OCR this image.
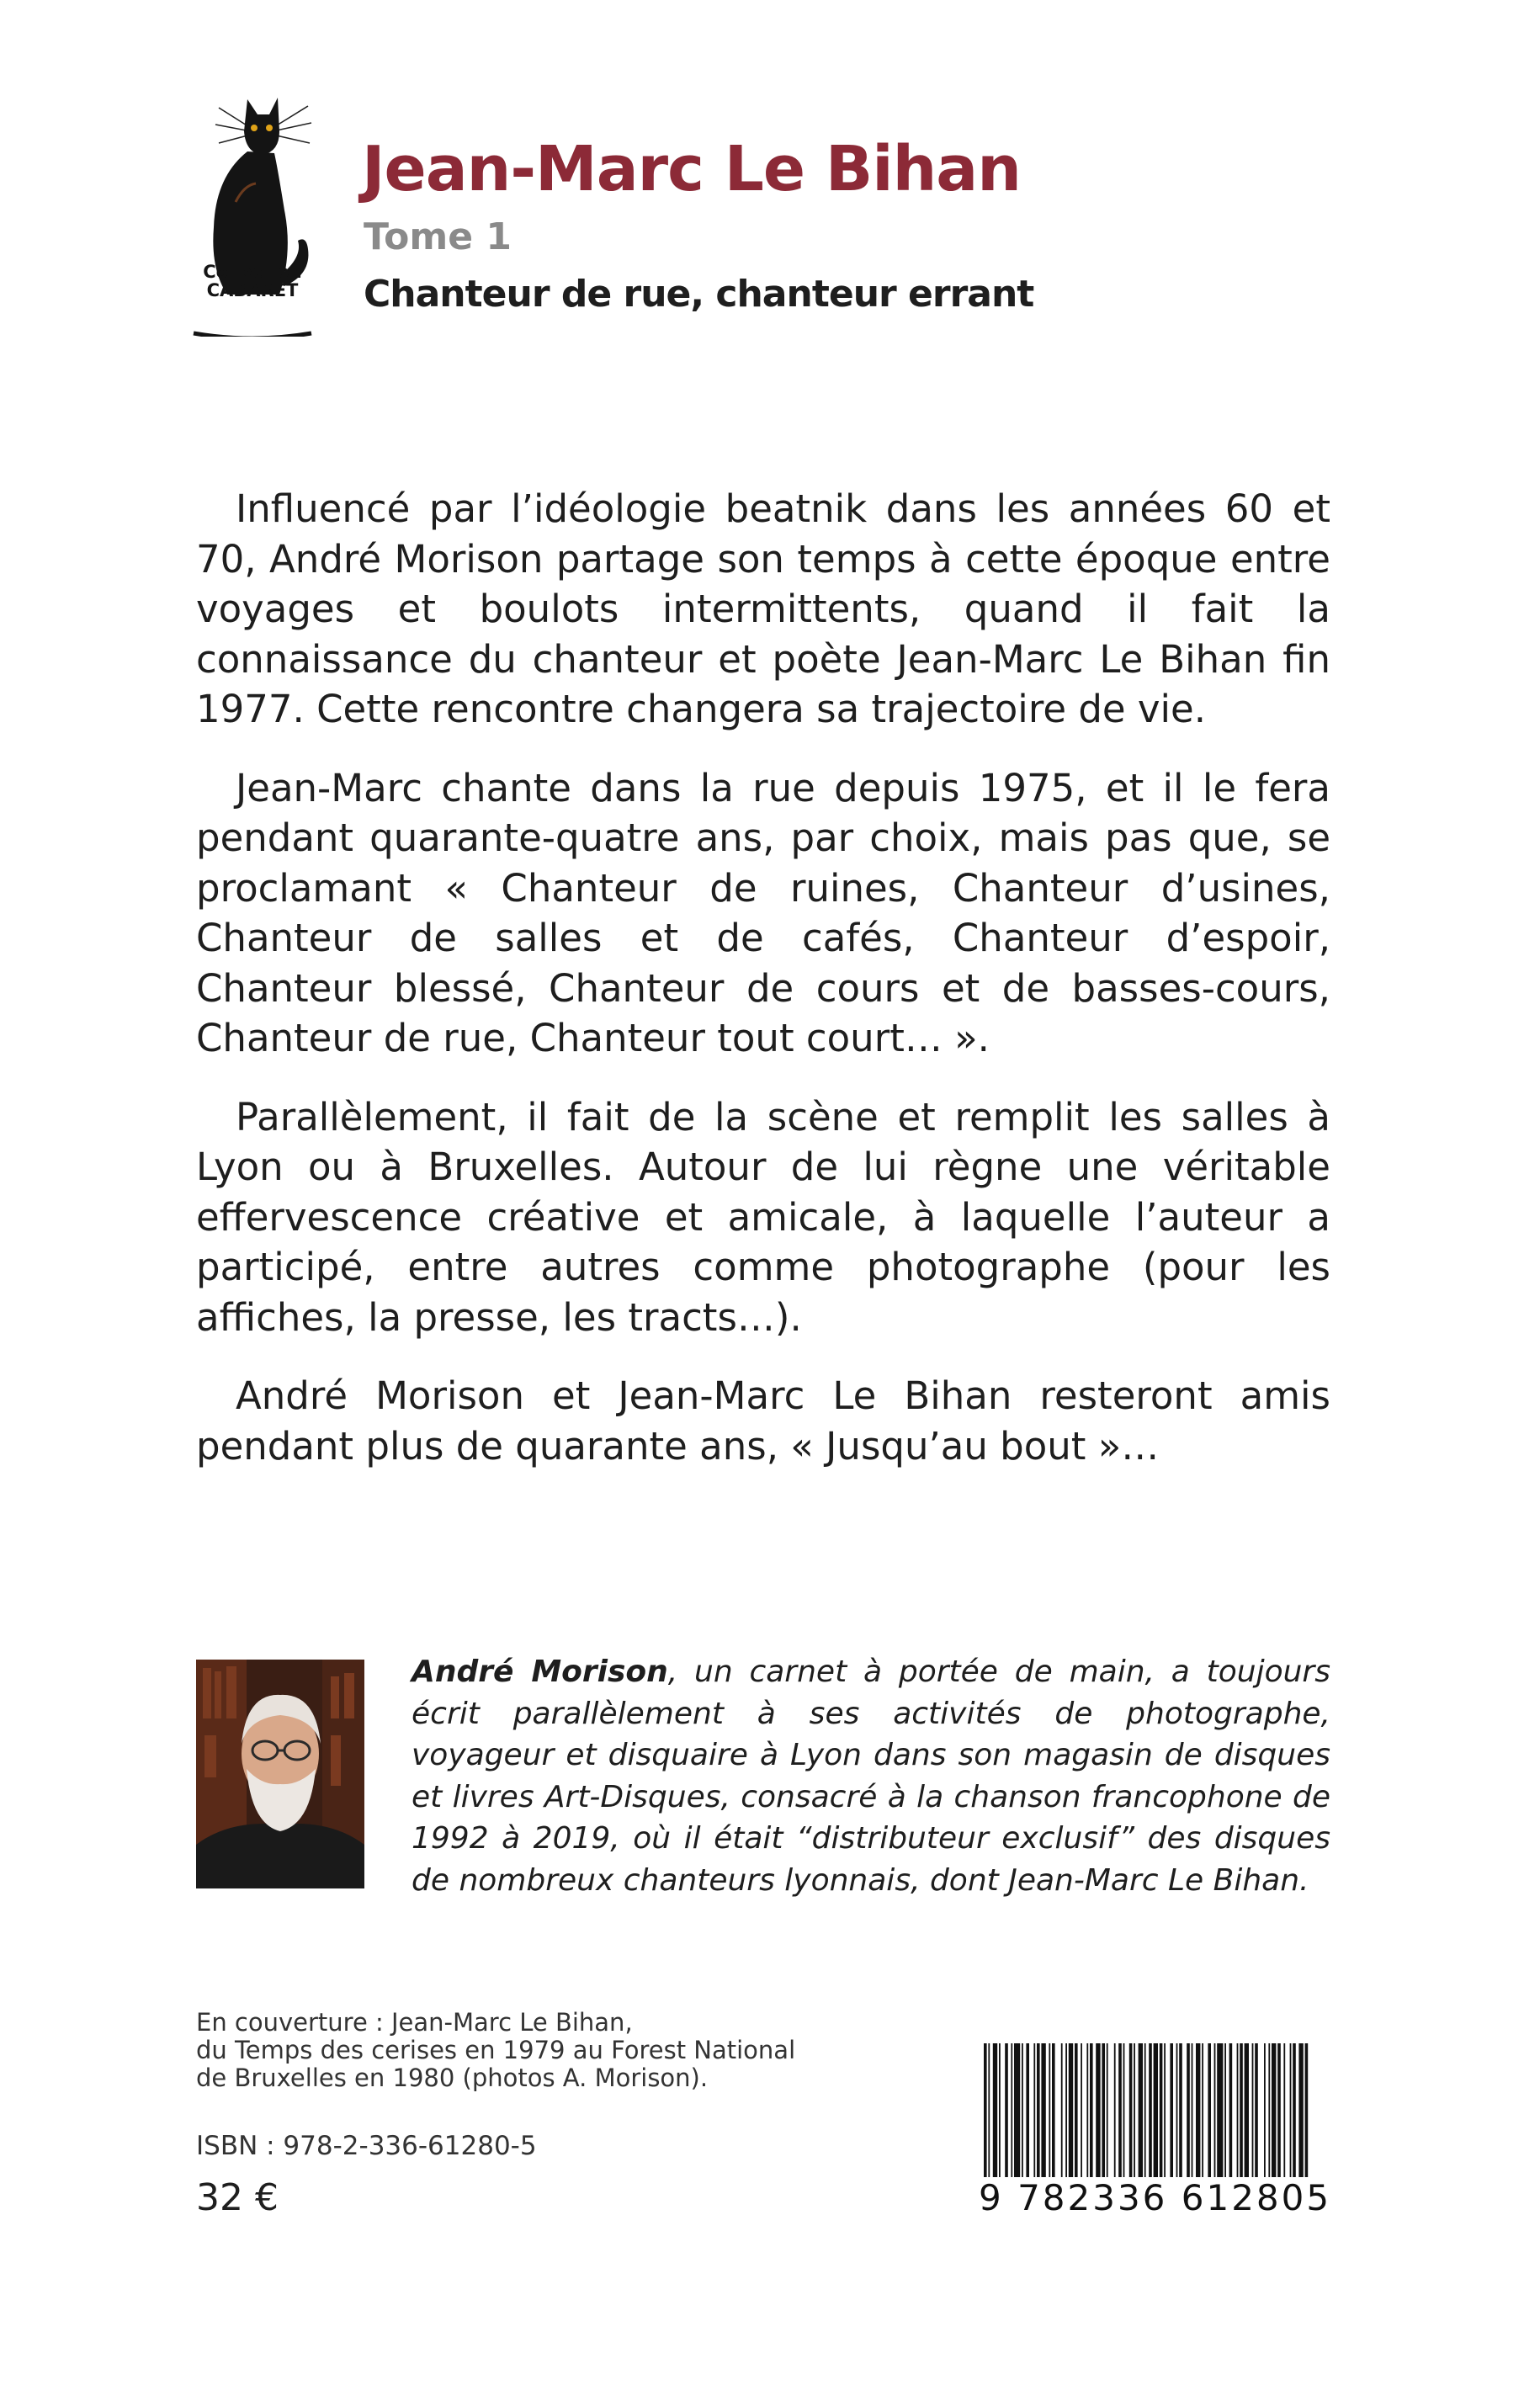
Collection
CABARET
Jean-Marc Le Bihan
Tome 1
Chanteur de rue, chanteur errant

Influencé par l’idéologie beatnik dans les années 60 et 70, André Morison partage son temps à cette époque entre voyages et boulots intermittents, quand il fait la connaissance du chanteur et poète Jean-Marc Le Bihan fin 1977. Cette rencontre changera sa trajectoire de vie.

Jean-Marc chante dans la rue depuis 1975, et il le fera pendant quarante-quatre ans, par choix, mais pas que, se proclamant « Chanteur de ruines, Chanteur d’usines, Chanteur de salles et de cafés, Chanteur d’espoir, Chanteur blessé, Chanteur de cours et de basses-cours, Chanteur de rue, Chanteur tout court… ».

Parallèlement, il fait de la scène et remplit les salles à Lyon ou à Bruxelles. Autour de lui règne une véritable effervescence créative et amicale, à laquelle l’auteur a participé, entre autres comme photographe (pour les affiches, la presse, les tracts…).

André Morison et Jean-Marc Le Bihan resteront amis pendant plus de quarante ans, « Jusqu’au bout »…

André Morison, un carnet à portée de main, a toujours écrit parallèlement à ses activités de photographe, voyageur et disquaire à Lyon dans son magasin de disques et livres Art-Disques, consacré à la chanson francophone de 1992 à 2019, où il était “distributeur exclusif” des disques de nombreux chanteurs lyonnais, dont Jean-Marc Le Bihan.
En couverture : Jean-Marc Le Bihan,
du Temps des cerises en 1979 au Forest National
de Bruxelles en 1980 (photos A. Morison).
ISBN : 978-2-336-61280-5
32 €	9 782336 612805
